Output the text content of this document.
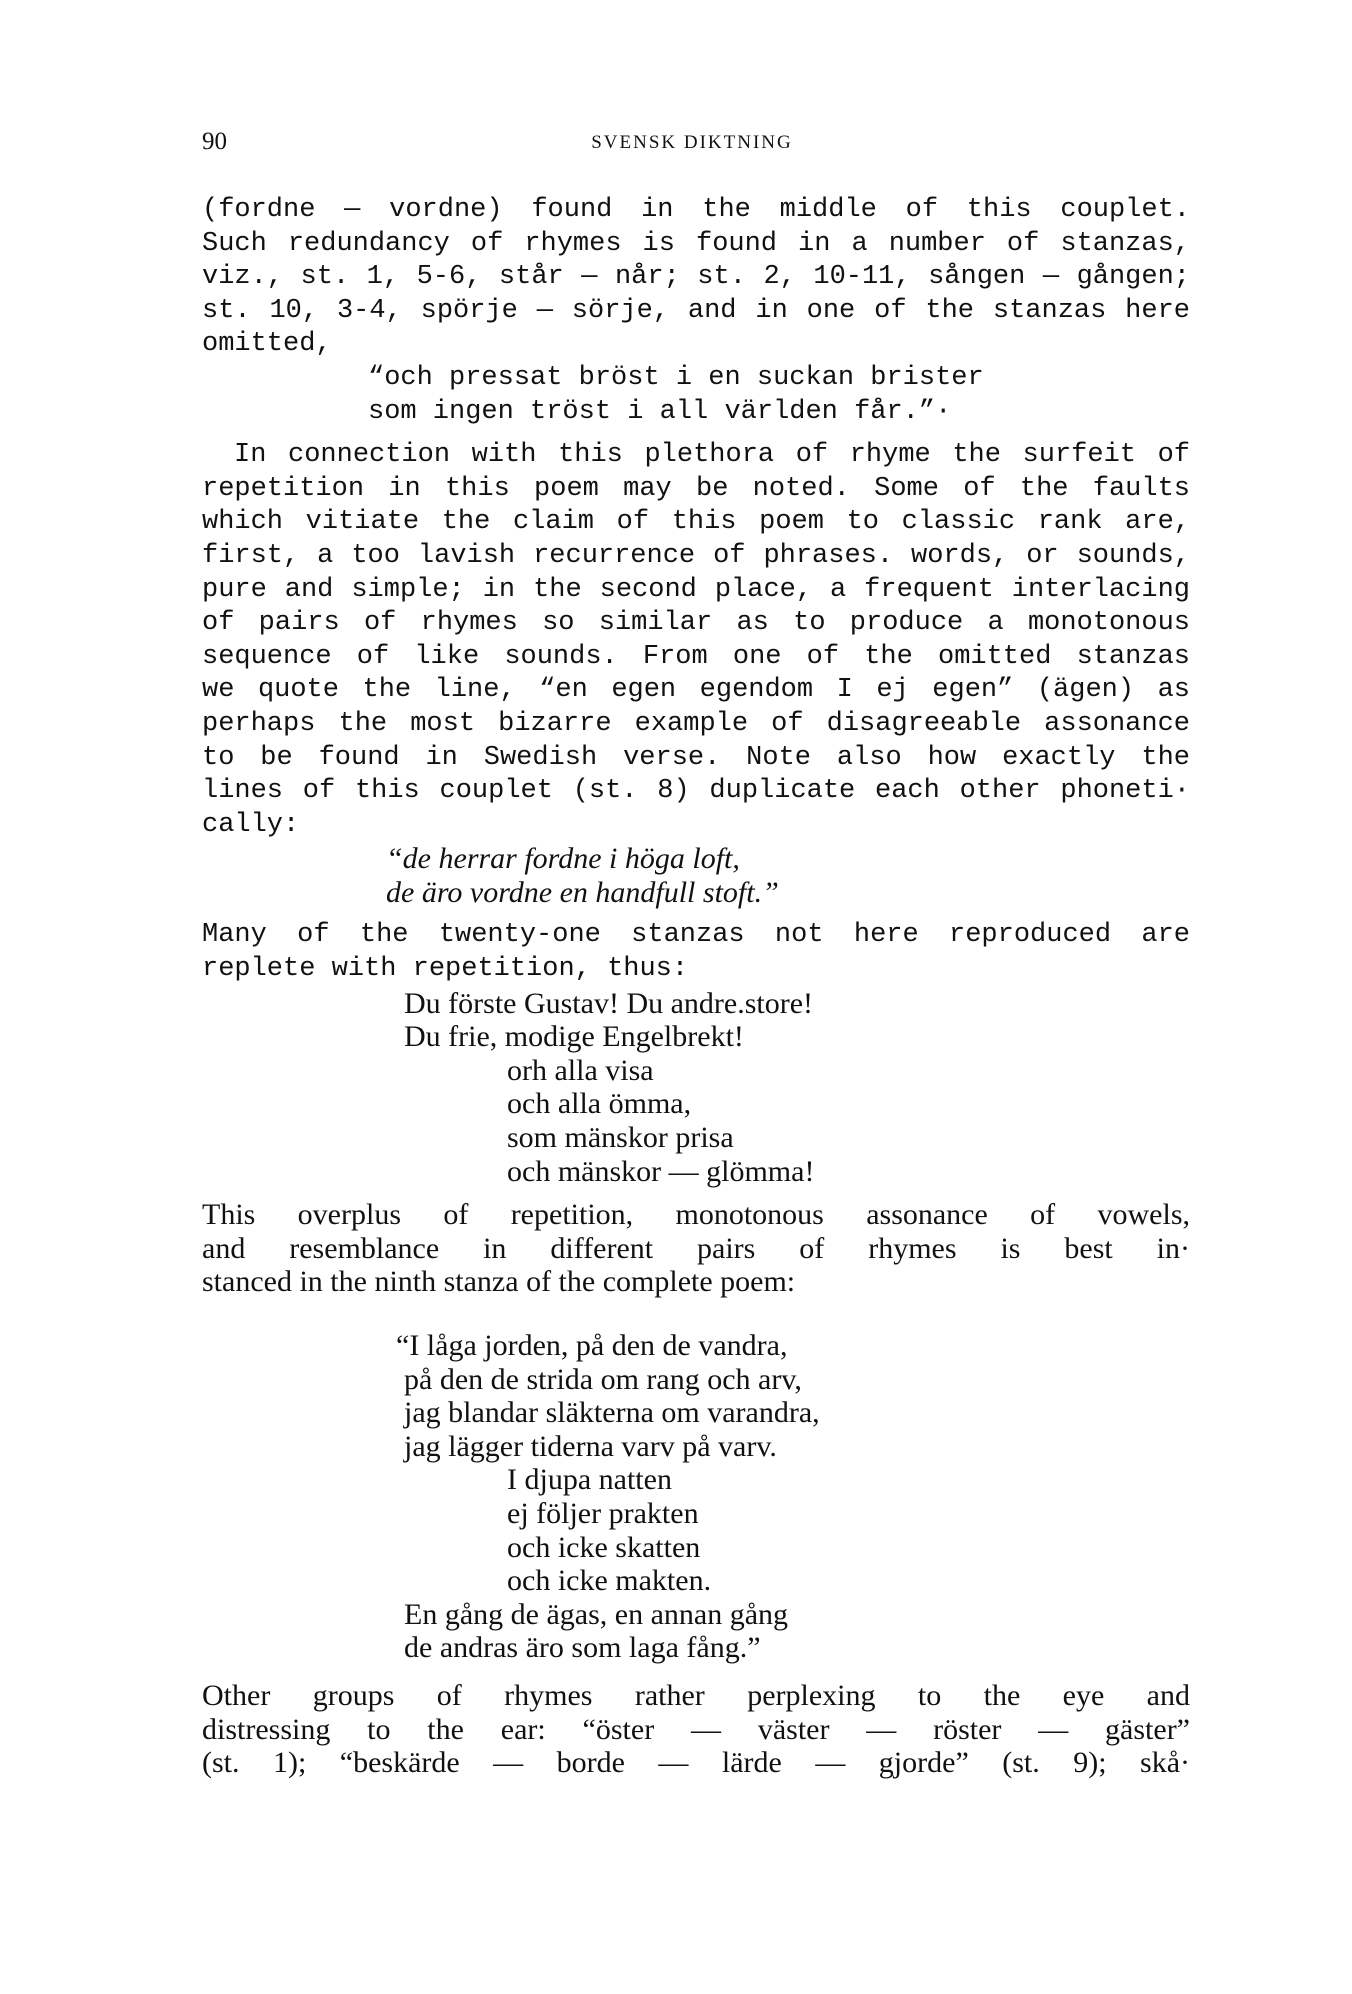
90	SVENSK DIKTNING
(fordne — vordne) found in the middle of this couplet.
Such redundancy of rhymes is found in a number of stanzas,
viz., st. 1, 5-6, står — når; st. 2, 10-11, sången — gången;
st. 10, 3-4, spörje — sörje, and in one of the stanzas here
omitted,
“och pressat bröst i en suckan brister
som ingen tröst i all världen får.”·
In connection with this plethora of rhyme the surfeit of
repetition in this poem may be noted. Some of the faults
which vitiate the claim of this poem to classic rank are,
first, a too lavish recurrence of phrases. words, or sounds,
pure and simple; in the second place, a frequent interlacing
of pairs of rhymes so similar as to produce a monotonous
sequence of like sounds. From one of the omitted stanzas
we quote the line, “en egen egendom I ej egen” (ägen) as
perhaps the most bizarre example of disagreeable assonance
to be found in Swedish verse. Note also how exactly the
lines of this couplet (st. 8) duplicate each other phoneti·
cally:
“de herrar fordne i höga loft,
de äro vordne en handfull stoft.”
Many of the twenty-one stanzas not here reproduced are
replete with repetition, thus:
Du förste Gustav! Du andre.store!
Du frie, modige Engelbrekt!
orh alla visa
och alla ömma,
som mänskor prisa
och mänskor — glömma!
This overplus of repetition, monotonous assonance of vowels,
and resemblance in different pairs of rhymes is best in·
stanced in the ninth stanza of the complete poem:
“I låga jorden, på den de vandra,
på den de strida om rang och arv,
jag blandar släkterna om varandra,
jag lägger tiderna varv på varv.
I djupa natten
ej följer prakten
och icke skatten
och icke makten.
En gång de ägas, en annan gång
de andras äro som laga fång.”
Other groups of rhymes rather perplexing to the eye and
distressing to the ear: “öster — väster — röster — gäster”
(st. 1); “beskärde — borde — lärde — gjorde” (st. 9); skå·
